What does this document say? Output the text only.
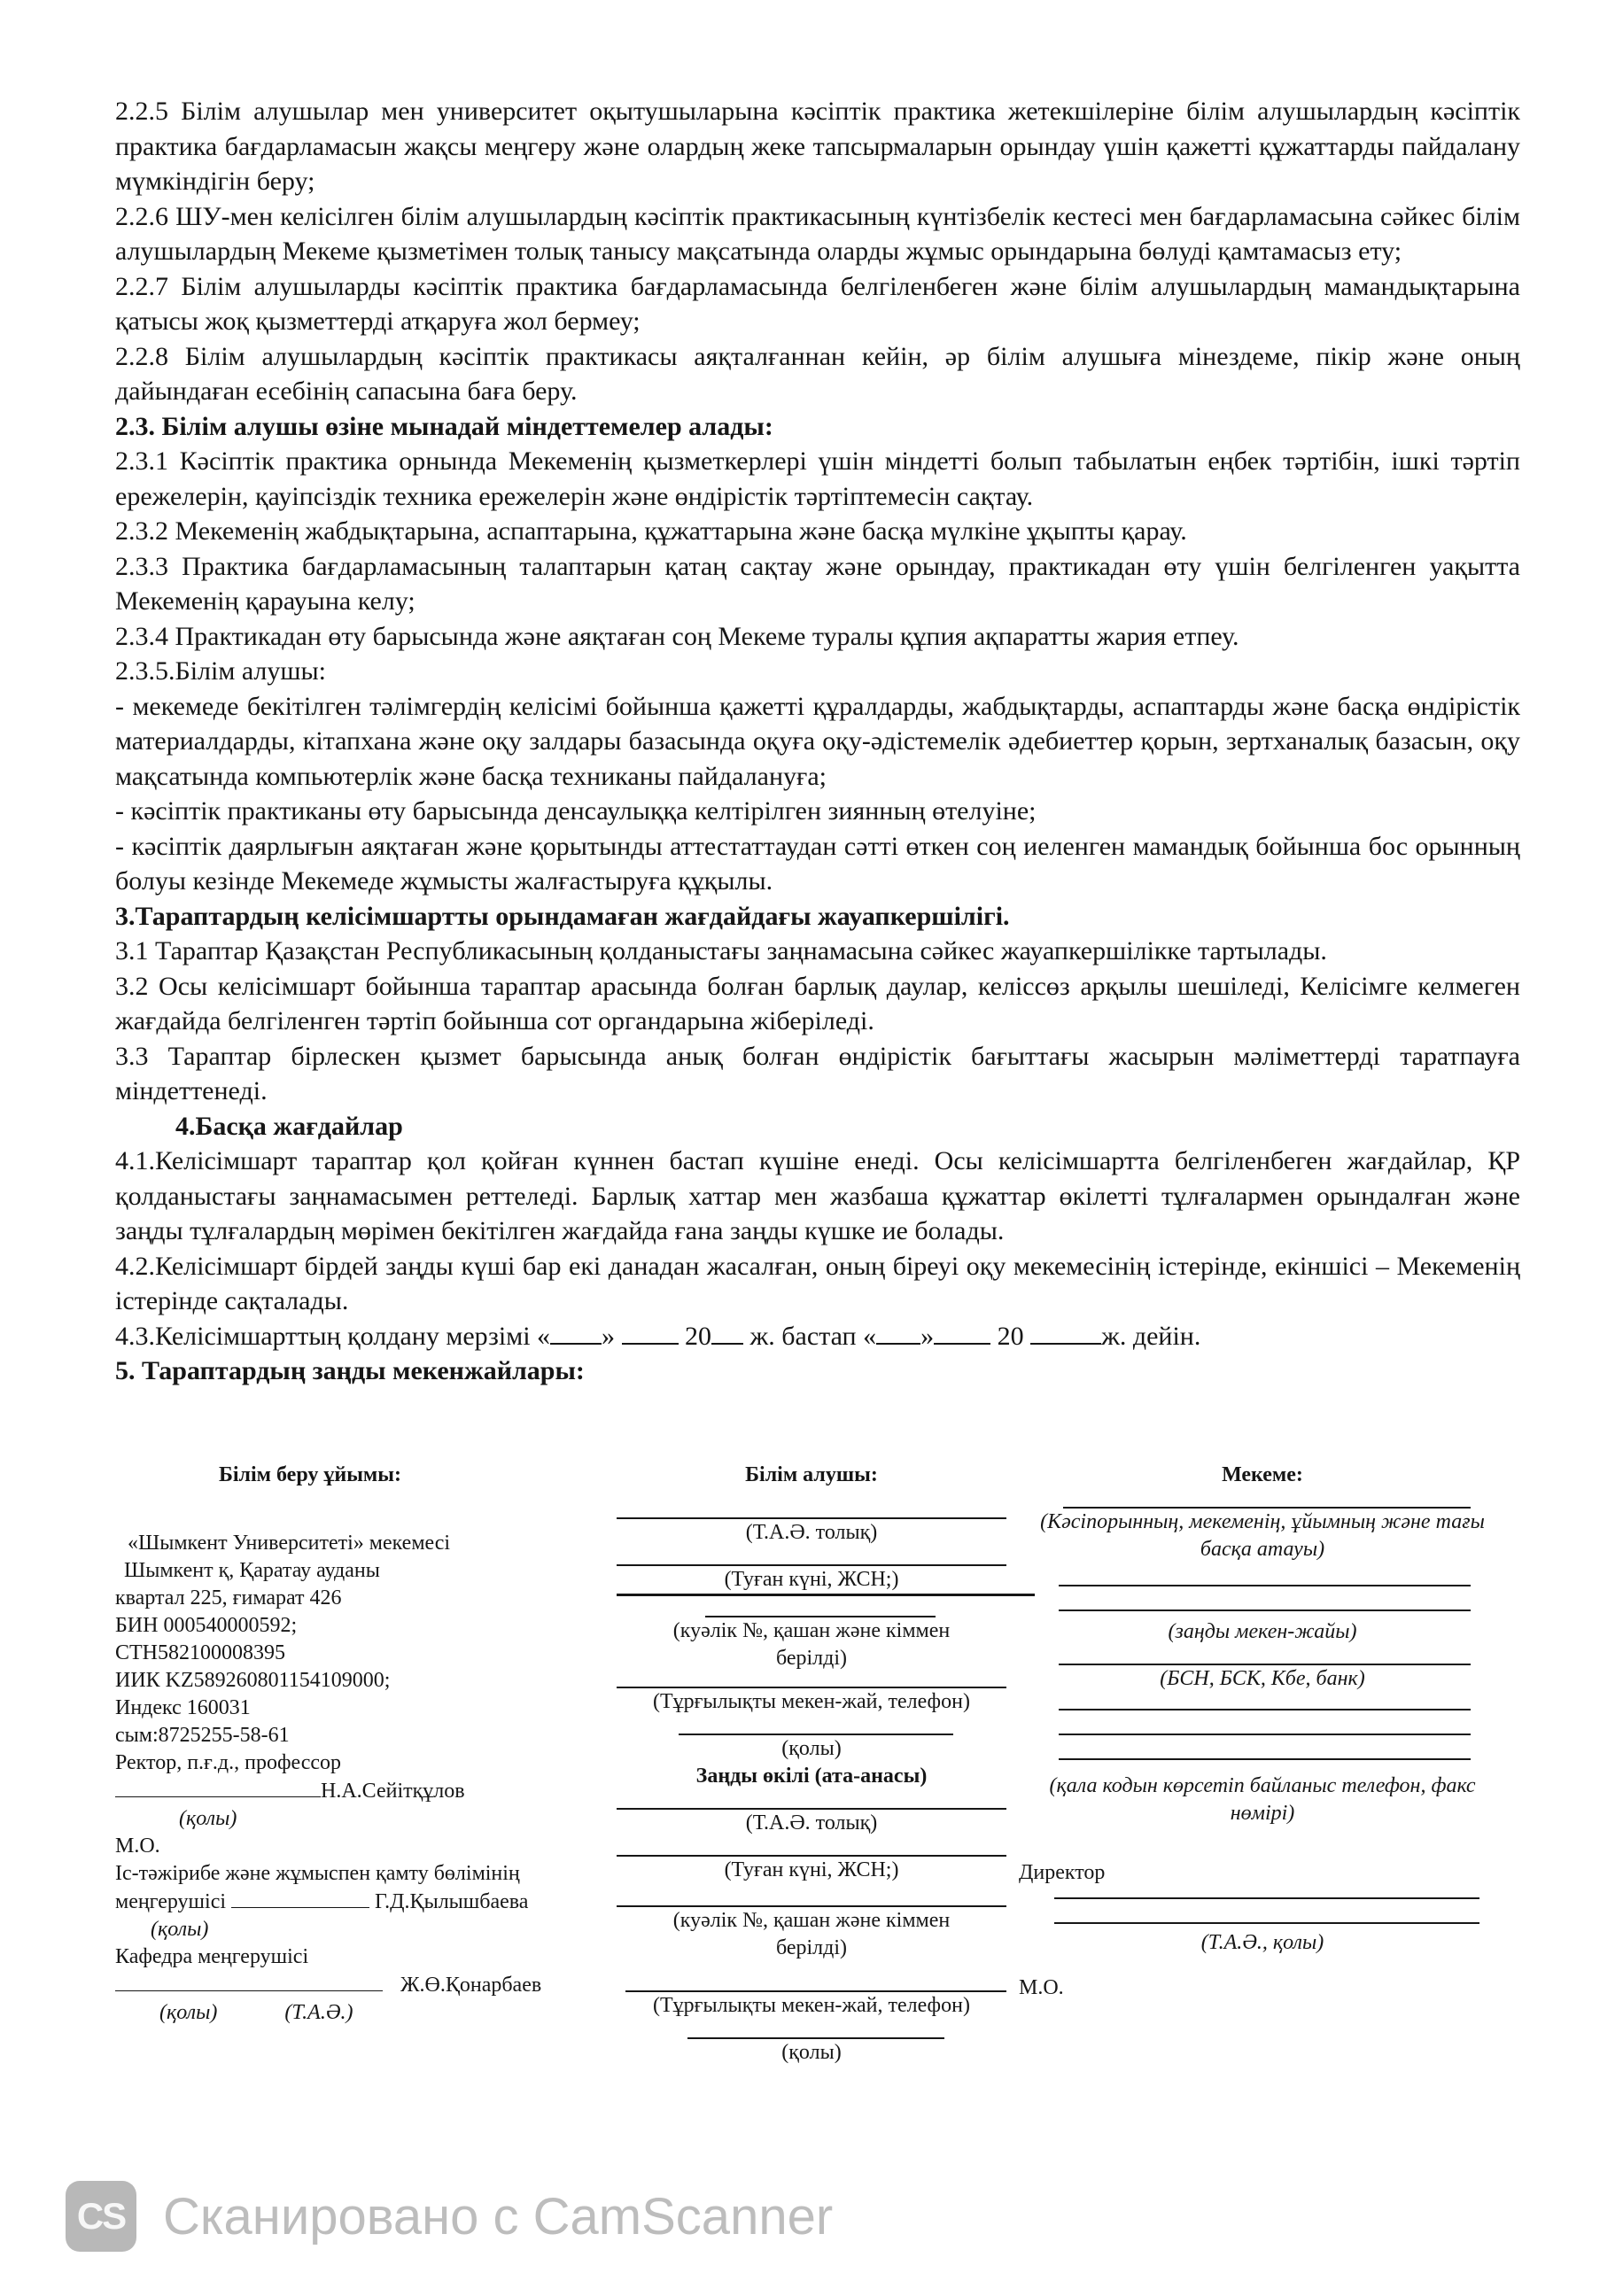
2.2.5 Білім алушылар мен университет оқытушыларына кәсіптік практика жетекшілеріне білім алушылардың кәсіптік практика бағдарламасын жақсы меңгеру және олардың жеке тапсырмаларын орындау үшін қажетті құжаттарды пайдалану мүмкіндігін беру;

2.2.6 ШУ-мен келісілген білім алушылардың кәсіптік практикасының күнтізбелік кестесі мен бағдарламасына сәйкес білім алушылардың Мекеме қызметімен толық танысу мақсатында оларды жұмыс орындарына бөлуді қамтамасыз ету;

2.2.7 Білім алушыларды кәсіптік практика бағдарламасында белгіленбеген және білім алушылардың мамандықтарына қатысы жоқ қызметтерді атқаруға жол бермеу;

2.2.8 Білім алушылардың кәсіптік практикасы аяқталғаннан кейін, әр білім алушыға мінездеме, пікір және оның дайындаған есебінің сапасына баға беру.

2.3. Білім алушы өзіне мынадай міндеттемелер алады:

2.3.1 Кәсіптік практика орнында Мекеменің қызметкерлері үшін міндетті болып табылатын еңбек тәртібін, ішкі тәртіп ережелерін, қауіпсіздік техника ережелерін және өндірістік тәртіптемесін сақтау.

2.3.2 Мекеменің жабдықтарына, аспаптарына, құжаттарына және басқа мүлкіне ұқыпты қарау.

2.3.3 Практика бағдарламасының талаптарын қатаң сақтау және орындау, практикадан өту үшін белгіленген уақытта Мекеменің қарауына келу;

2.3.4 Практикадан өту барысында және аяқтаған соң Мекеме туралы құпия ақпаратты жария етпеу.

2.3.5.Білім алушы:

- мекемеде бекітілген тәлімгердің келісімі бойынша қажетті құралдарды, жабдықтарды, аспаптарды және басқа өндірістік материалдарды, кітапхана және оқу залдары базасында оқуға оқу-әдістемелік әдебиеттер қорын, зертханалық базасын, оқу мақсатында компьютерлік және басқа техниканы пайдалануға;

- кәсіптік практиканы өту барысында денсаулыққа келтірілген зиянның өтелуіне;

- кәсіптік даярлығын аяқтаған және қорытынды аттестаттаудан сәтті өткен соң иеленген мамандық бойынша бос орынның болуы кезінде Мекемеде жұмысты жалғастыруға құқылы.

3.Тараптардың келісімшартты орындамаған жағдайдағы жауапкершілігі.

3.1 Тараптар Қазақстан Республикасының қолданыстағы заңнамасына сәйкес жауапкершілікке тартылады.

3.2 Осы келісімшарт бойынша тараптар арасында болған барлық даулар, келіссөз арқылы шешіледі, Келісімге келмеген жағдайда белгіленген тәртіп бойынша сот органдарына жіберіледі.

3.3 Тараптар бірлескен қызмет барысында анық болған өндірістік бағыттағы жасырын мәліметтерді таратпауға міндеттенеді.

4.Басқа жағдайлар

4.1.Келісімшарт тараптар қол қойған күннен бастап күшіне енеді. Осы келісімшартта белгіленбеген жағдайлар, ҚР қолданыстағы заңнамасымен реттеледі. Барлық хаттар мен жазбаша құжаттар өкілетті тұлғалармен орындалған және заңды тұлғалардың мөрімен бекітілген жағдайда ғана заңды күшке ие болады.

4.2.Келісімшарт бірдей заңды күші бар екі данадан жасалған, оның біреуі оқу мекемесінің істерінде, екіншісі – Мекеменің істерінде сақталады.

4.3.Келісімшарттың қолдану мерзімі « »  20 ж. бастап « » 20	ж. дейін.

5. Тараптардың заңды мекенжайлары:

Білім беру ұйымы:
«Шымкент Университеті» мекемесі
Шымкент қ, Қаратау ауданы
квартал 225, ғимарат 426
БИН 000540000592;
СТН582100008395
ИИК KZ589260801154109000;
Индекс 160031
сым:8725255-58-61
Ректор, п.ғ.д., профессор
Н.А.Сейітқұлов
(қолы)
М.О.
Іс-тәжірибе және жұмыспен қамту бөлімінің
меңгерушісі	Г.Д.Қылышбаева
(қолы)
Кафедра меңгерушісі
Ж.Ө.Қонарбаев
(қолы)	(Т.А.Ә.)
Білім алушы:
(Т.А.Ә. толық)
(Туған күні, ЖСН;)
(куәлік №, қашан және кіммен берілді)
(Тұрғылықты мекен-жай, телефон)
(қолы)
Заңды өкілі (ата-анасы)
(Т.А.Ә. толық)
(Туған күні, ЖСН;)
(куәлік №, қашан және кіммен берілді)
(Тұрғылықты мекен-жай, телефон)
(қолы)
Мекеме:
(Кәсіпорынның, мекеменің, ұйымның және тағы басқа атауы)
(заңды мекен-жайы)
(БСН, БСК, Кбе, банк)
(қала кодын көрсетіп байланыс телефон, факс нөмірі)
Директор
(Т.А.Ә., қолы)
М.О.
CS Сканировано с CamScanner
